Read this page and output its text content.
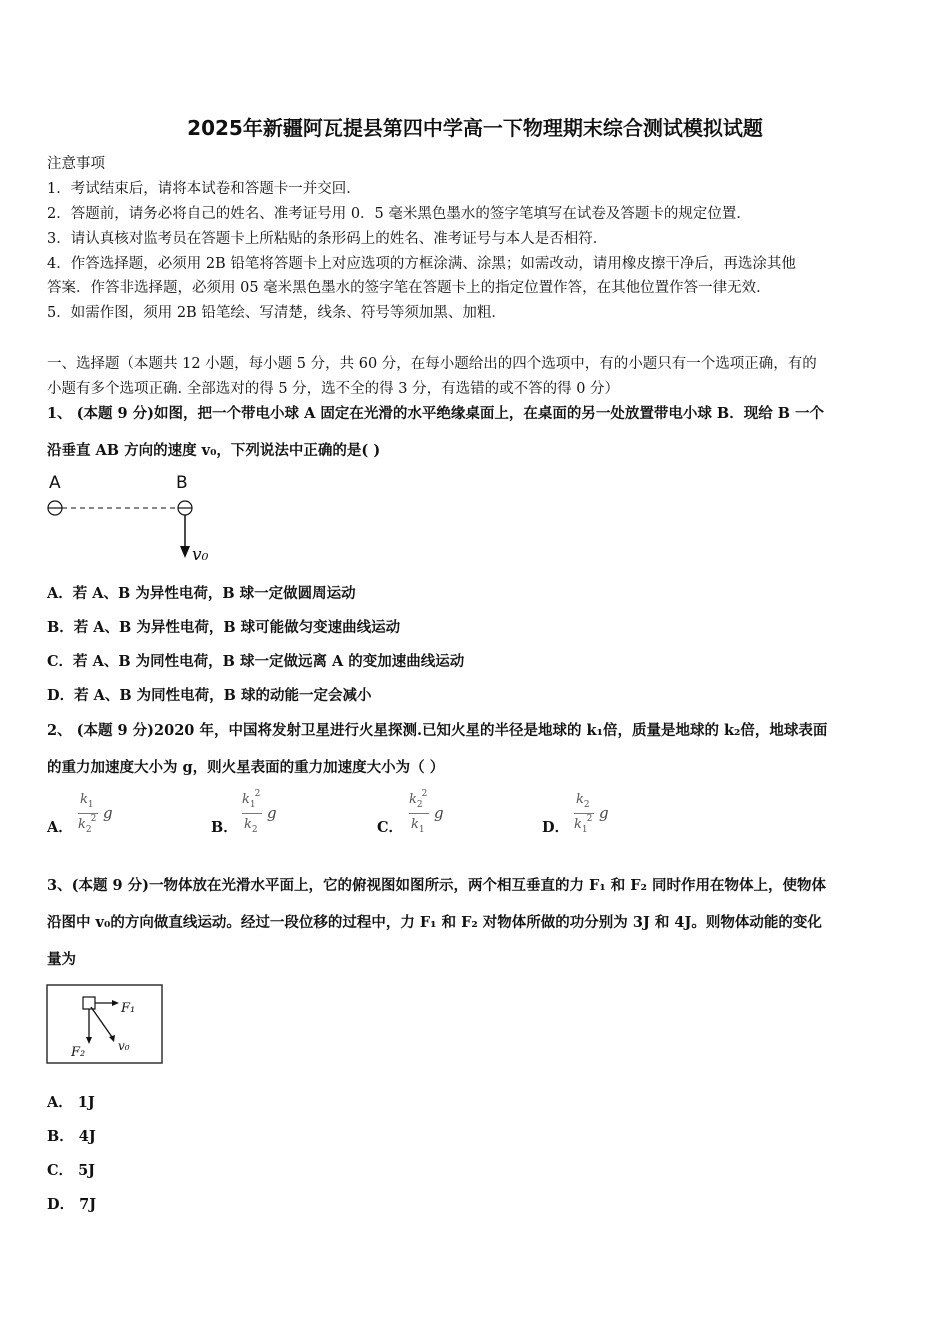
2025年新疆阿瓦提县第四中学高一下物理期末综合测试模拟试题
注意事项
1．考试结束后，请将本试卷和答题卡一并交回．
2．答题前，请务必将自己的姓名、准考证号用 0．5 毫米黑色墨水的签字笔填写在试卷及答题卡的规定位置．
3．请认真核对监考员在答题卡上所粘贴的条形码上的姓名、准考证号与本人是否相符．
4．作答选择题，必须用 2B 铅笔将答题卡上对应选项的方框涂满、涂黑；如需改动，请用橡皮擦干净后，再选涂其他
答案．作答非选择题，必须用 05 毫米黑色墨水的签字笔在答题卡上的指定位置作答，在其他位置作答一律无效．
5．如需作图，须用 2B 铅笔绘、写清楚，线条、符号等须加黑、加粗．
一、选择题（本题共 12 小题，每小题 5 分，共 60 分，在每小题给出的四个选项中，有的小题只有一个选项正确，有的
小题有多个选项正确. 全部选对的得 5 分，选不全的得 3 分，有选错的或不答的得 0 分）
1、 (本题 9 分)如图，把一个带电小球 A 固定在光滑的水平绝缘桌面上，在桌面的另一处放置带电小球 B．现给 B 一个
沿垂直 AB 方向的速度 v₀，下列说法中正确的是( )
A	B
v₀
A．若 A、B 为异性电荷，B 球一定做圆周运动
B．若 A、B 为异性电荷，B 球可能做匀变速曲线运动
C．若 A、B 为同性电荷，B 球一定做远离 A 的变加速曲线运动
D．若 A、B 为同性电荷，B 球的动能一定会减小
2、 (本题 9 分)2020 年，中国将发射卫星进行火星探测.已知火星的半径是地球的 k₁倍，质量是地球的 k₂倍，地球表面
的重力加速度大小为 g，则火星表面的重力加速度大小为（ ）
A．	B．	C．	D．
$k_1$
$k_2^2$ g
$k_1^2$
$k_2$
g
$k_2^2$
$k_1$
g
$k_2$
$k_1^2$ g
3、(本题 9 分)一物体放在光滑水平面上，它的俯视图如图所示，两个相互垂直的力 F₁ 和 F₂ 同时作用在物体上，使物体
沿图中 v₀的方向做直线运动。经过一段位移的过程中，力 F₁ 和 F₂ 对物体所做的功分别为 3J 和 4J。则物体动能的变化
量为
F₁
F₂	v₀
A． 1J
B． 4J
C． 5J
D． 7J
